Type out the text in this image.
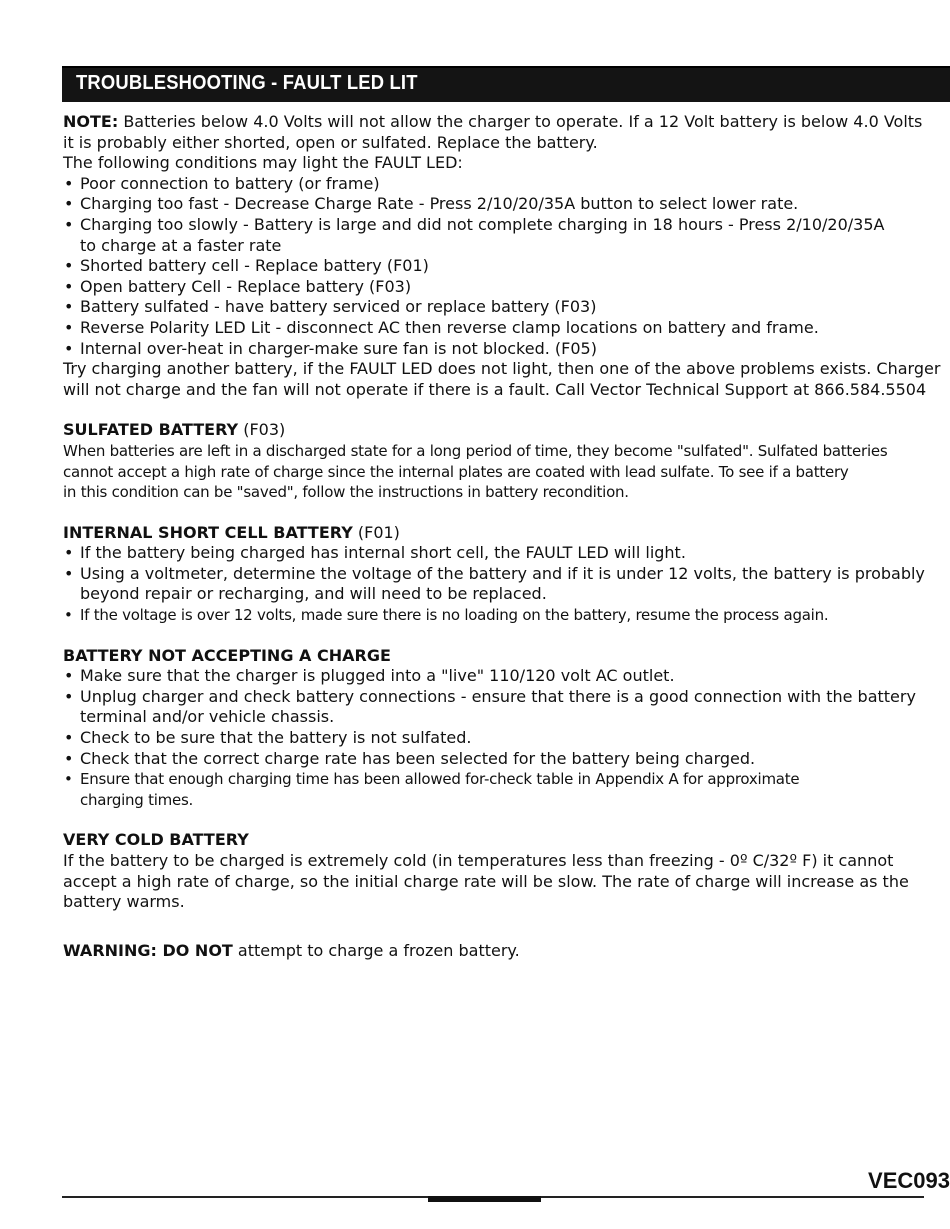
TROUBLESHOOTING - FAULT LED LIT

NOTE: Batteries below 4.0 Volts will not allow the charger to operate. If a 12 Volt battery is below 4.0 Volts

it is probably either shorted, open or sulfated. Replace the battery.

The following conditions may light the FAULT LED:

• Poor connection to battery (or frame)
• Charging too fast - Decrease Charge Rate - Press 2/10/20/35A button to select lower rate.
• Charging too slowly - Battery is large and did not complete charging in 18 hours - Press 2/10/20/35A
to charge at a faster rate
• Shorted battery cell - Replace battery (F01)
• Open battery Cell - Replace battery (F03)
• Battery sulfated - have battery serviced or replace battery (F03)
• Reverse Polarity LED Lit - disconnect AC then reverse clamp locations on battery and frame.
• Internal over-heat in charger-make sure fan is not blocked. (F05)

Try charging another battery, if the FAULT LED does not light, then one of the above problems exists. Charger

will not charge and the fan will not operate if there is a fault. Call Vector Technical Support at 866.584.5504

SULFATED BATTERY (F03)

When batteries are left in a discharged state for a long period of time, they become "sulfated". Sulfated batteries

cannot accept a high rate of charge since the internal plates are coated with lead sulfate. To see if a battery

in this condition can be "saved", follow the instructions in battery recondition.

INTERNAL SHORT CELL BATTERY (F01)

• If the battery being charged has internal short cell, the FAULT LED will light.
• Using a voltmeter, determine the voltage of the battery and if it is under 12 volts, the battery is probably
beyond repair or recharging, and will need to be replaced.
• If the voltage is over 12 volts, made sure there is no loading on the battery, resume the process again.

BATTERY NOT ACCEPTING A CHARGE

• Make sure that the charger is plugged into a "live" 110/120 volt AC outlet.
• Unplug charger and check battery connections - ensure that there is a good connection with the battery
terminal and/or vehicle chassis.
• Check to be sure that the battery is not sulfated.
• Check that the correct charge rate has been selected for the battery being charged.
• Ensure that enough charging time has been allowed for-check table in Appendix A for approximate
charging times.

VERY COLD BATTERY

If the battery to be charged is extremely cold (in temperatures less than freezing - 0º C/32º F) it cannot

accept a high rate of charge, so the initial charge rate will be slow. The rate of charge will increase as the

battery warms.

WARNING: DO NOT attempt to charge a frozen battery.

VEC093
